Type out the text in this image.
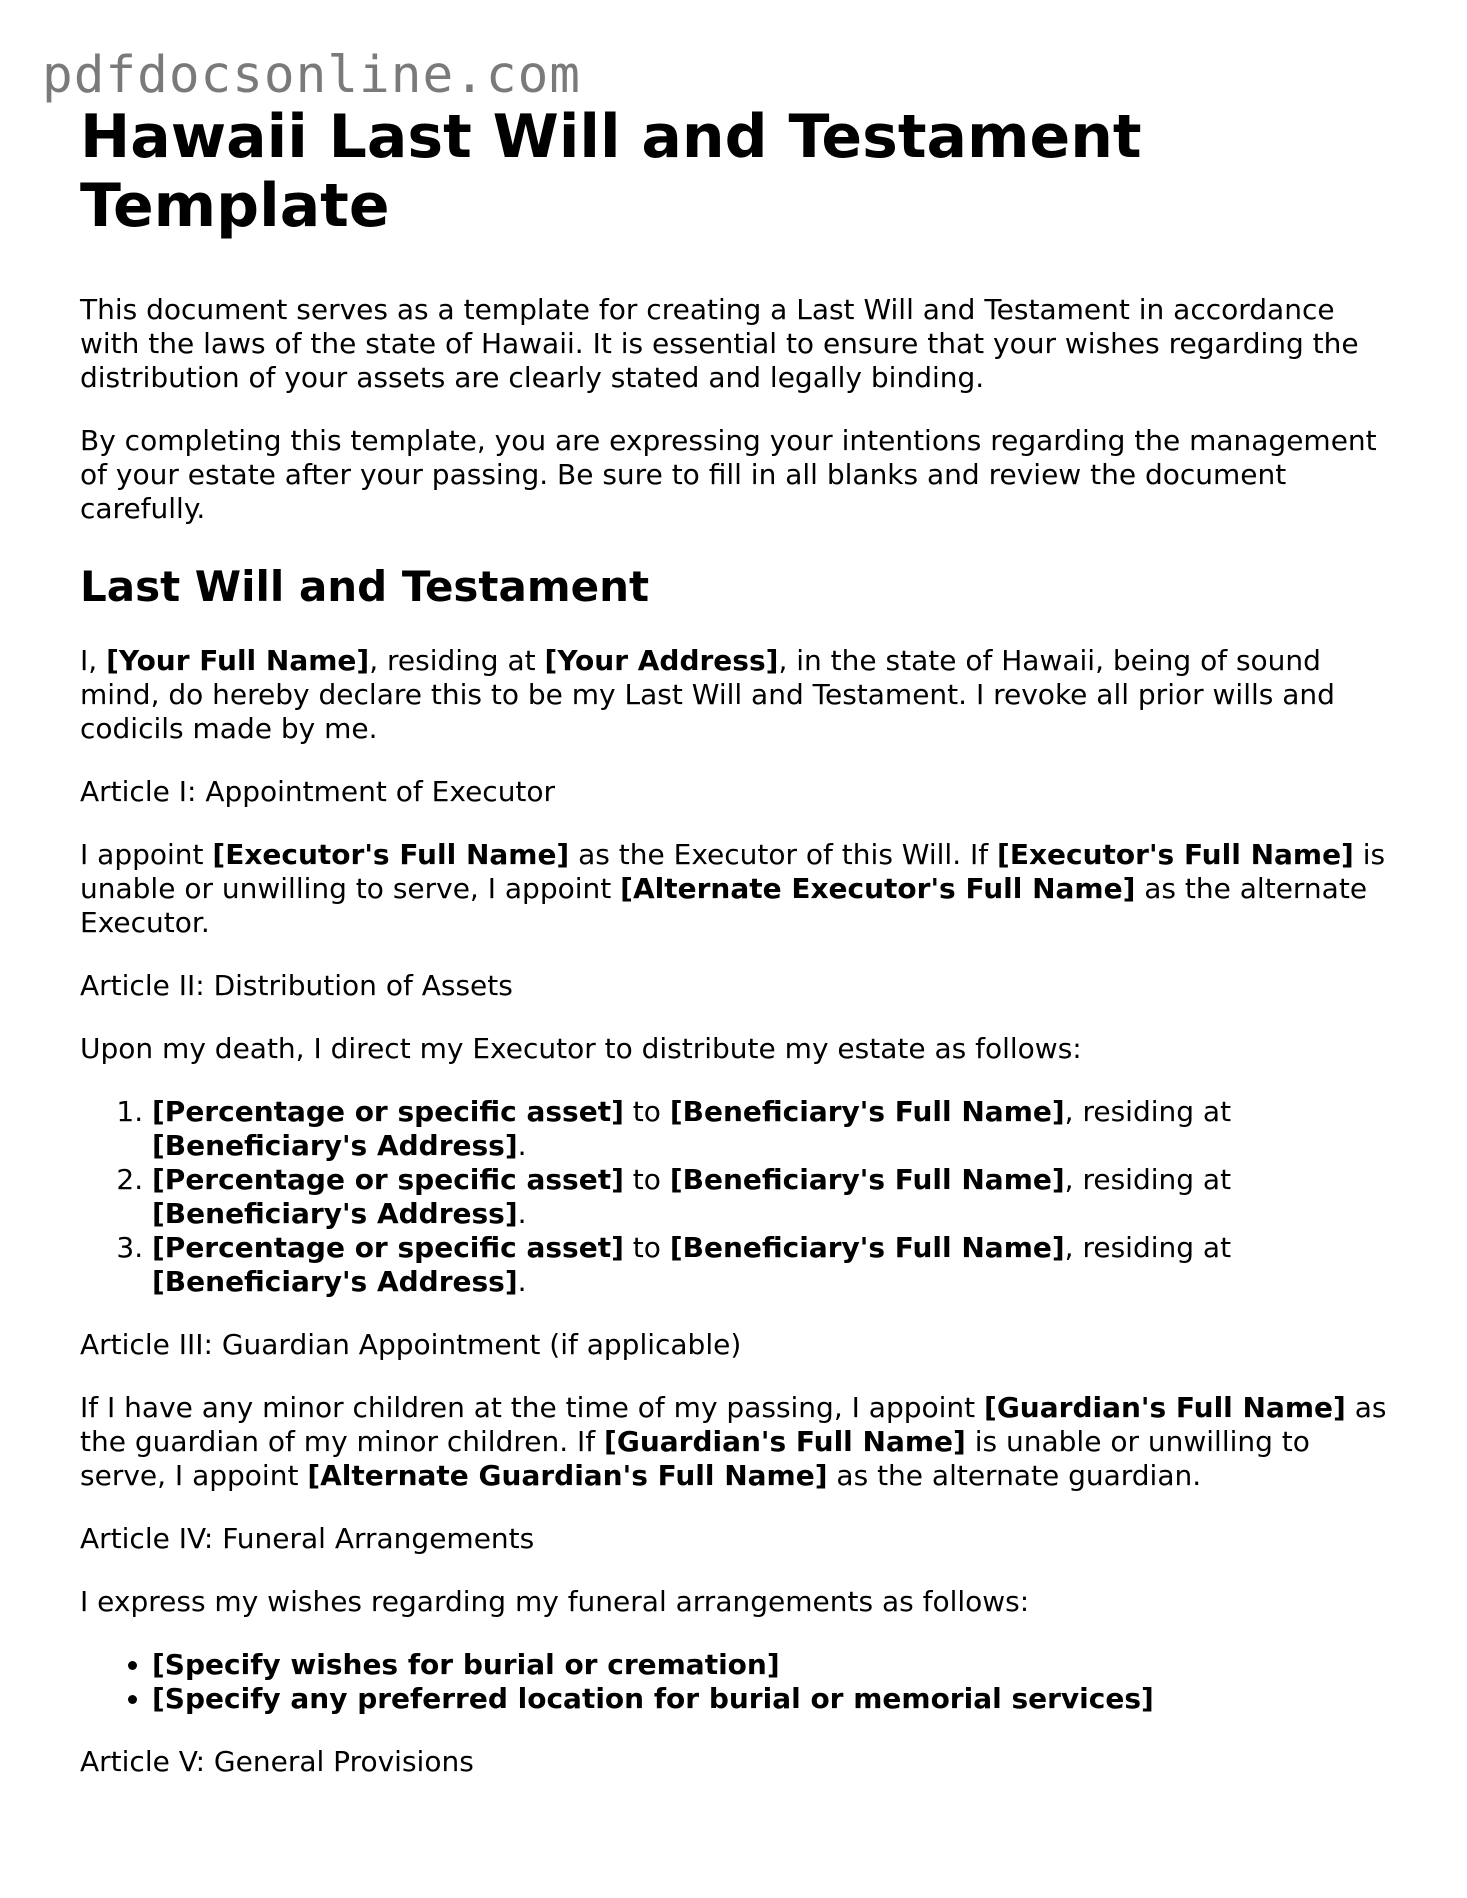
pdfdocsonline.com
Hawaii Last Will and Testament Template

This document serves as a template for creating a Last Will and Testament in accordance with the laws of the state of Hawaii. It is essential to ensure that your wishes regarding the distribution of your assets are clearly stated and legally binding.

By completing this template, you are expressing your intentions regarding the management of your estate after your passing. Be sure to fill in all blanks and review the document carefully.

Last Will and Testament

I, [Your Full Name], residing at [Your Address], in the state of Hawaii, being of sound mind, do hereby declare this to be my Last Will and Testament. I revoke all prior wills and codicils made by me.

Article I: Appointment of Executor

I appoint [Executor's Full Name] as the Executor of this Will. If [Executor's Full Name] is unable or unwilling to serve, I appoint [Alternate Executor's Full Name] as the alternate Executor.

Article II: Distribution of Assets

Upon my death, I direct my Executor to distribute my estate as follows:

1. [Percentage or specific asset] to [Beneficiary's Full Name], residing at [Beneficiary's Address].
2. [Percentage or specific asset] to [Beneficiary's Full Name], residing at [Beneficiary's Address].
3. [Percentage or specific asset] to [Beneficiary's Full Name], residing at [Beneficiary's Address].

Article III: Guardian Appointment (if applicable)

If I have any minor children at the time of my passing, I appoint [Guardian's Full Name] as the guardian of my minor children. If [Guardian's Full Name] is unable or unwilling to serve, I appoint [Alternate Guardian's Full Name] as the alternate guardian.

Article IV: Funeral Arrangements

I express my wishes regarding my funeral arrangements as follows:

• [Specify wishes for burial or cremation]
• [Specify any preferred location for burial or memorial services]

Article V: General Provisions
